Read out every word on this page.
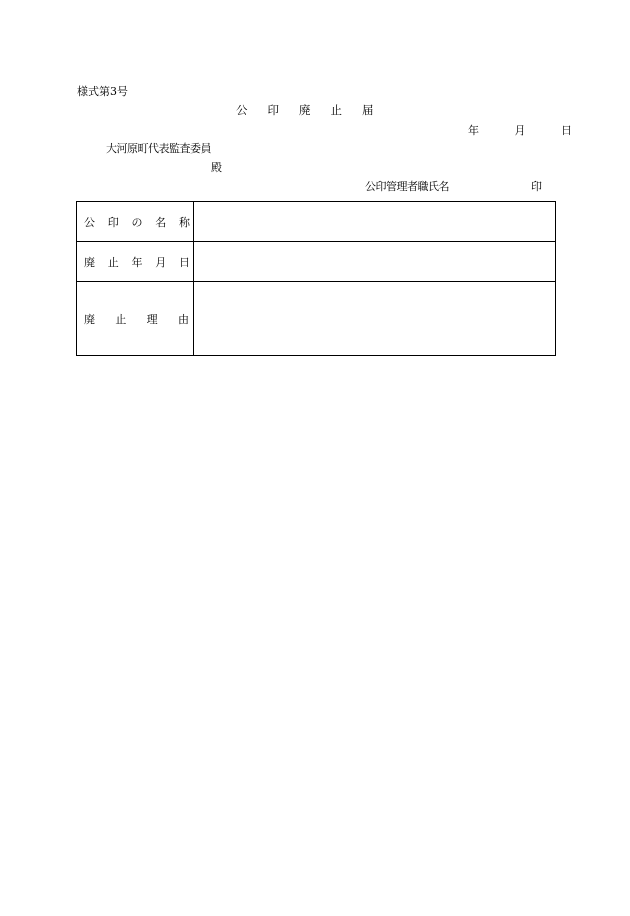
様式第3号
公印廃止届
年	月	日
大河原町代表監査委員
殿
公印管理者職氏名	印
公印の名称	
廃止年月日	
廃止理由	
